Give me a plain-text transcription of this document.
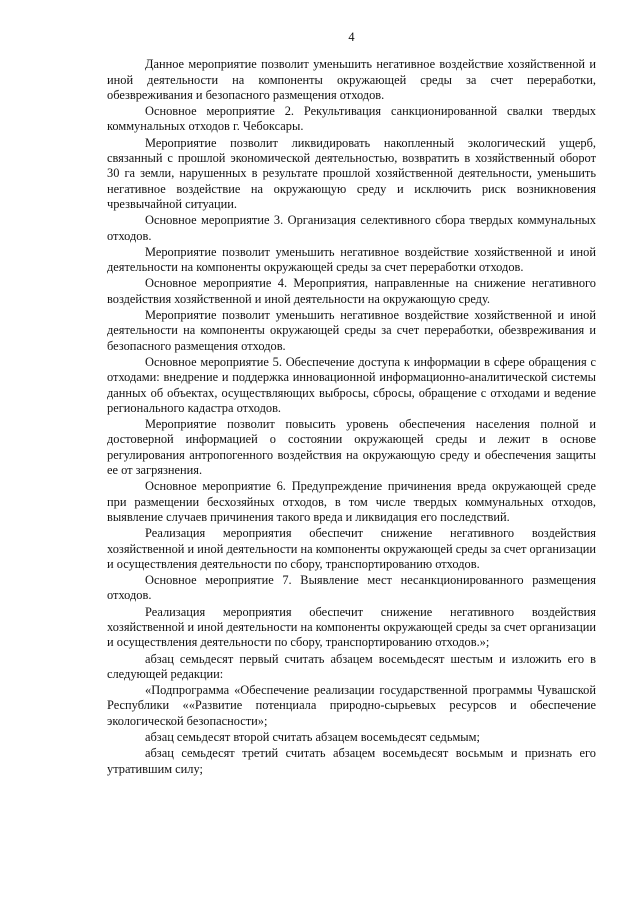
4

Данное мероприятие позволит уменьшить негативное воздействие хозяйственной и иной деятельности на компоненты окружающей среды за счет переработки, обезвреживания и безопасного размещения отходов.

Основное мероприятие 2. Рекультивация санкционированной свалки твердых коммунальных отходов г. Чебоксары.

Мероприятие позволит ликвидировать накопленный экологический ущерб, связанный с прошлой экономической деятельностью, возвратить в хозяйственный оборот 30 га земли, нарушенных в результате прошлой хозяйственной деятельности, уменьшить негативное воздействие на окружающую среду и исключить риск возникновения чрезвычайной ситуации.

Основное мероприятие 3. Организация селективного сбора твердых коммунальных отходов.

Мероприятие позволит уменьшить негативное воздействие хозяйственной и иной деятельности на компоненты окружающей среды за счет переработки отходов.

Основное мероприятие 4. Мероприятия, направленные на снижение негативного воздействия хозяйственной и иной деятельности на окружающую среду.

Мероприятие позволит уменьшить негативное воздействие хозяйственной и иной деятельности на компоненты окружающей среды за счет переработки, обезвреживания и безопасного размещения отходов.

Основное мероприятие 5. Обеспечение доступа к информации в сфере обращения с отходами: внедрение и поддержка инновационной информационно-аналитической системы данных об объектах, осуществляющих выбросы, сбросы, обращение с отходами и ведение регионального кадастра отходов.

Мероприятие позволит повысить уровень обеспечения населения полной и достоверной информацией о состоянии окружающей среды и лежит в основе регулирования антропогенного воздействия на окружающую среду и обеспечения защиты ее от загрязнения.

Основное мероприятие 6. Предупреждение причинения вреда окружающей среде при размещении бесхозяйных отходов, в том числе твердых коммунальных отходов, выявление случаев причинения такого вреда и ликвидация его последствий.

Реализация мероприятия обеспечит снижение негативного воздействия хозяйственной и иной деятельности на компоненты окружающей среды за счет организации и осуществления деятельности по сбору, транспортированию отходов.

Основное мероприятие 7. Выявление мест несанкционированного размещения отходов.

Реализация мероприятия обеспечит снижение негативного воздействия хозяйственной и иной деятельности на компоненты окружающей среды за счет организации и осуществления деятельности по сбору, транспортированию отходов.»;

абзац семьдесят первый считать абзацем восемьдесят шестым и изложить его в следующей редакции:

«Подпрограмма «Обеспечение реализации государственной программы Чувашской Республики ««Развитие потенциала природно-сырьевых ресурсов и обеспечение экологической безопасности»;

абзац семьдесят второй считать абзацем восемьдесят седьмым;

абзац семьдесят третий считать абзацем восемьдесят восьмым и признать его утратившим силу;
